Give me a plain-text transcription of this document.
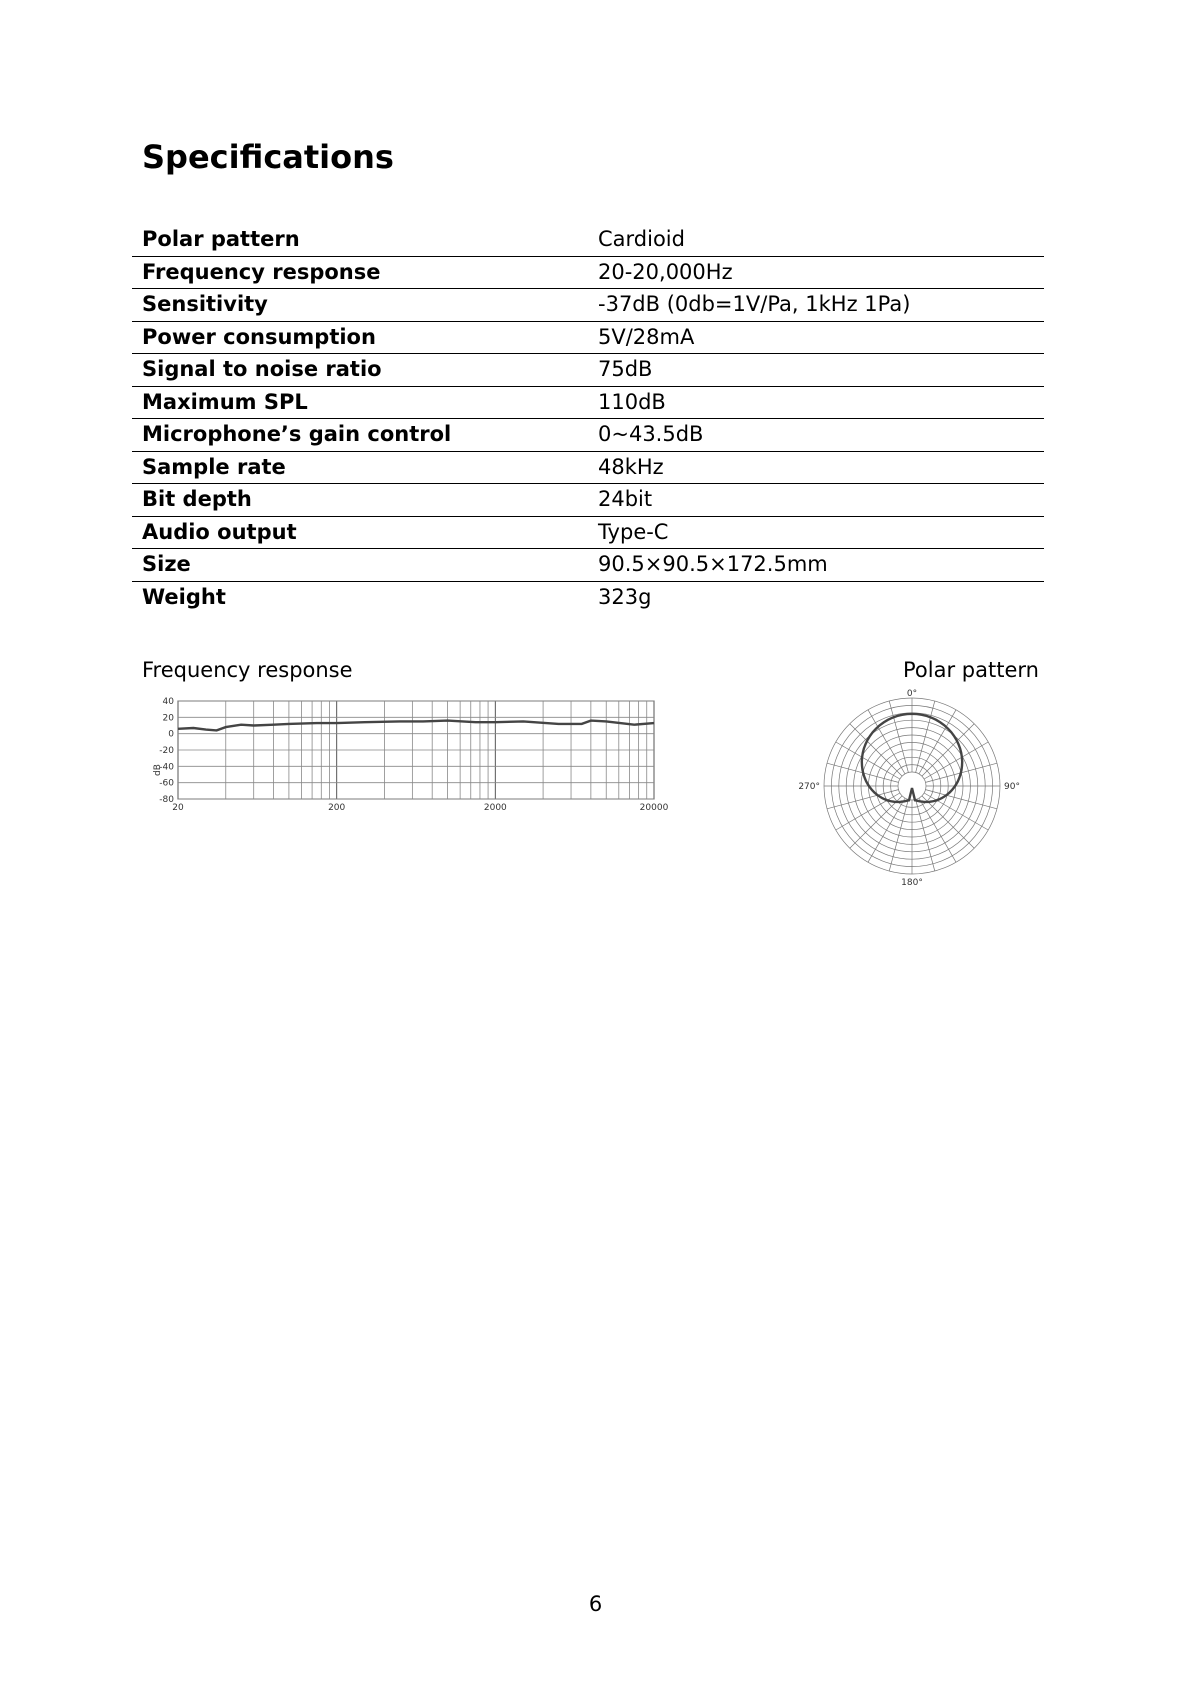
Specifications
Polar pattern	Cardioid
Frequency response	20-20,000Hz
Sensitivity	-37dB (0db=1V/Pa, 1kHz 1Pa)
Power consumption	5V/28mA
Signal to noise ratio	75dB
Maximum SPL	110dB
Microphone’s gain control	0~43.5dB
Sample rate	48kHz
Bit depth	24bit
Audio output	Type-C
Size	90.5×90.5×172.5mm
Weight	323g
Frequency response	Polar pattern
40
20
0
-20
-40
-60
-80
20	200	2000	20000
dB
0°
90°
180°
270°
6
